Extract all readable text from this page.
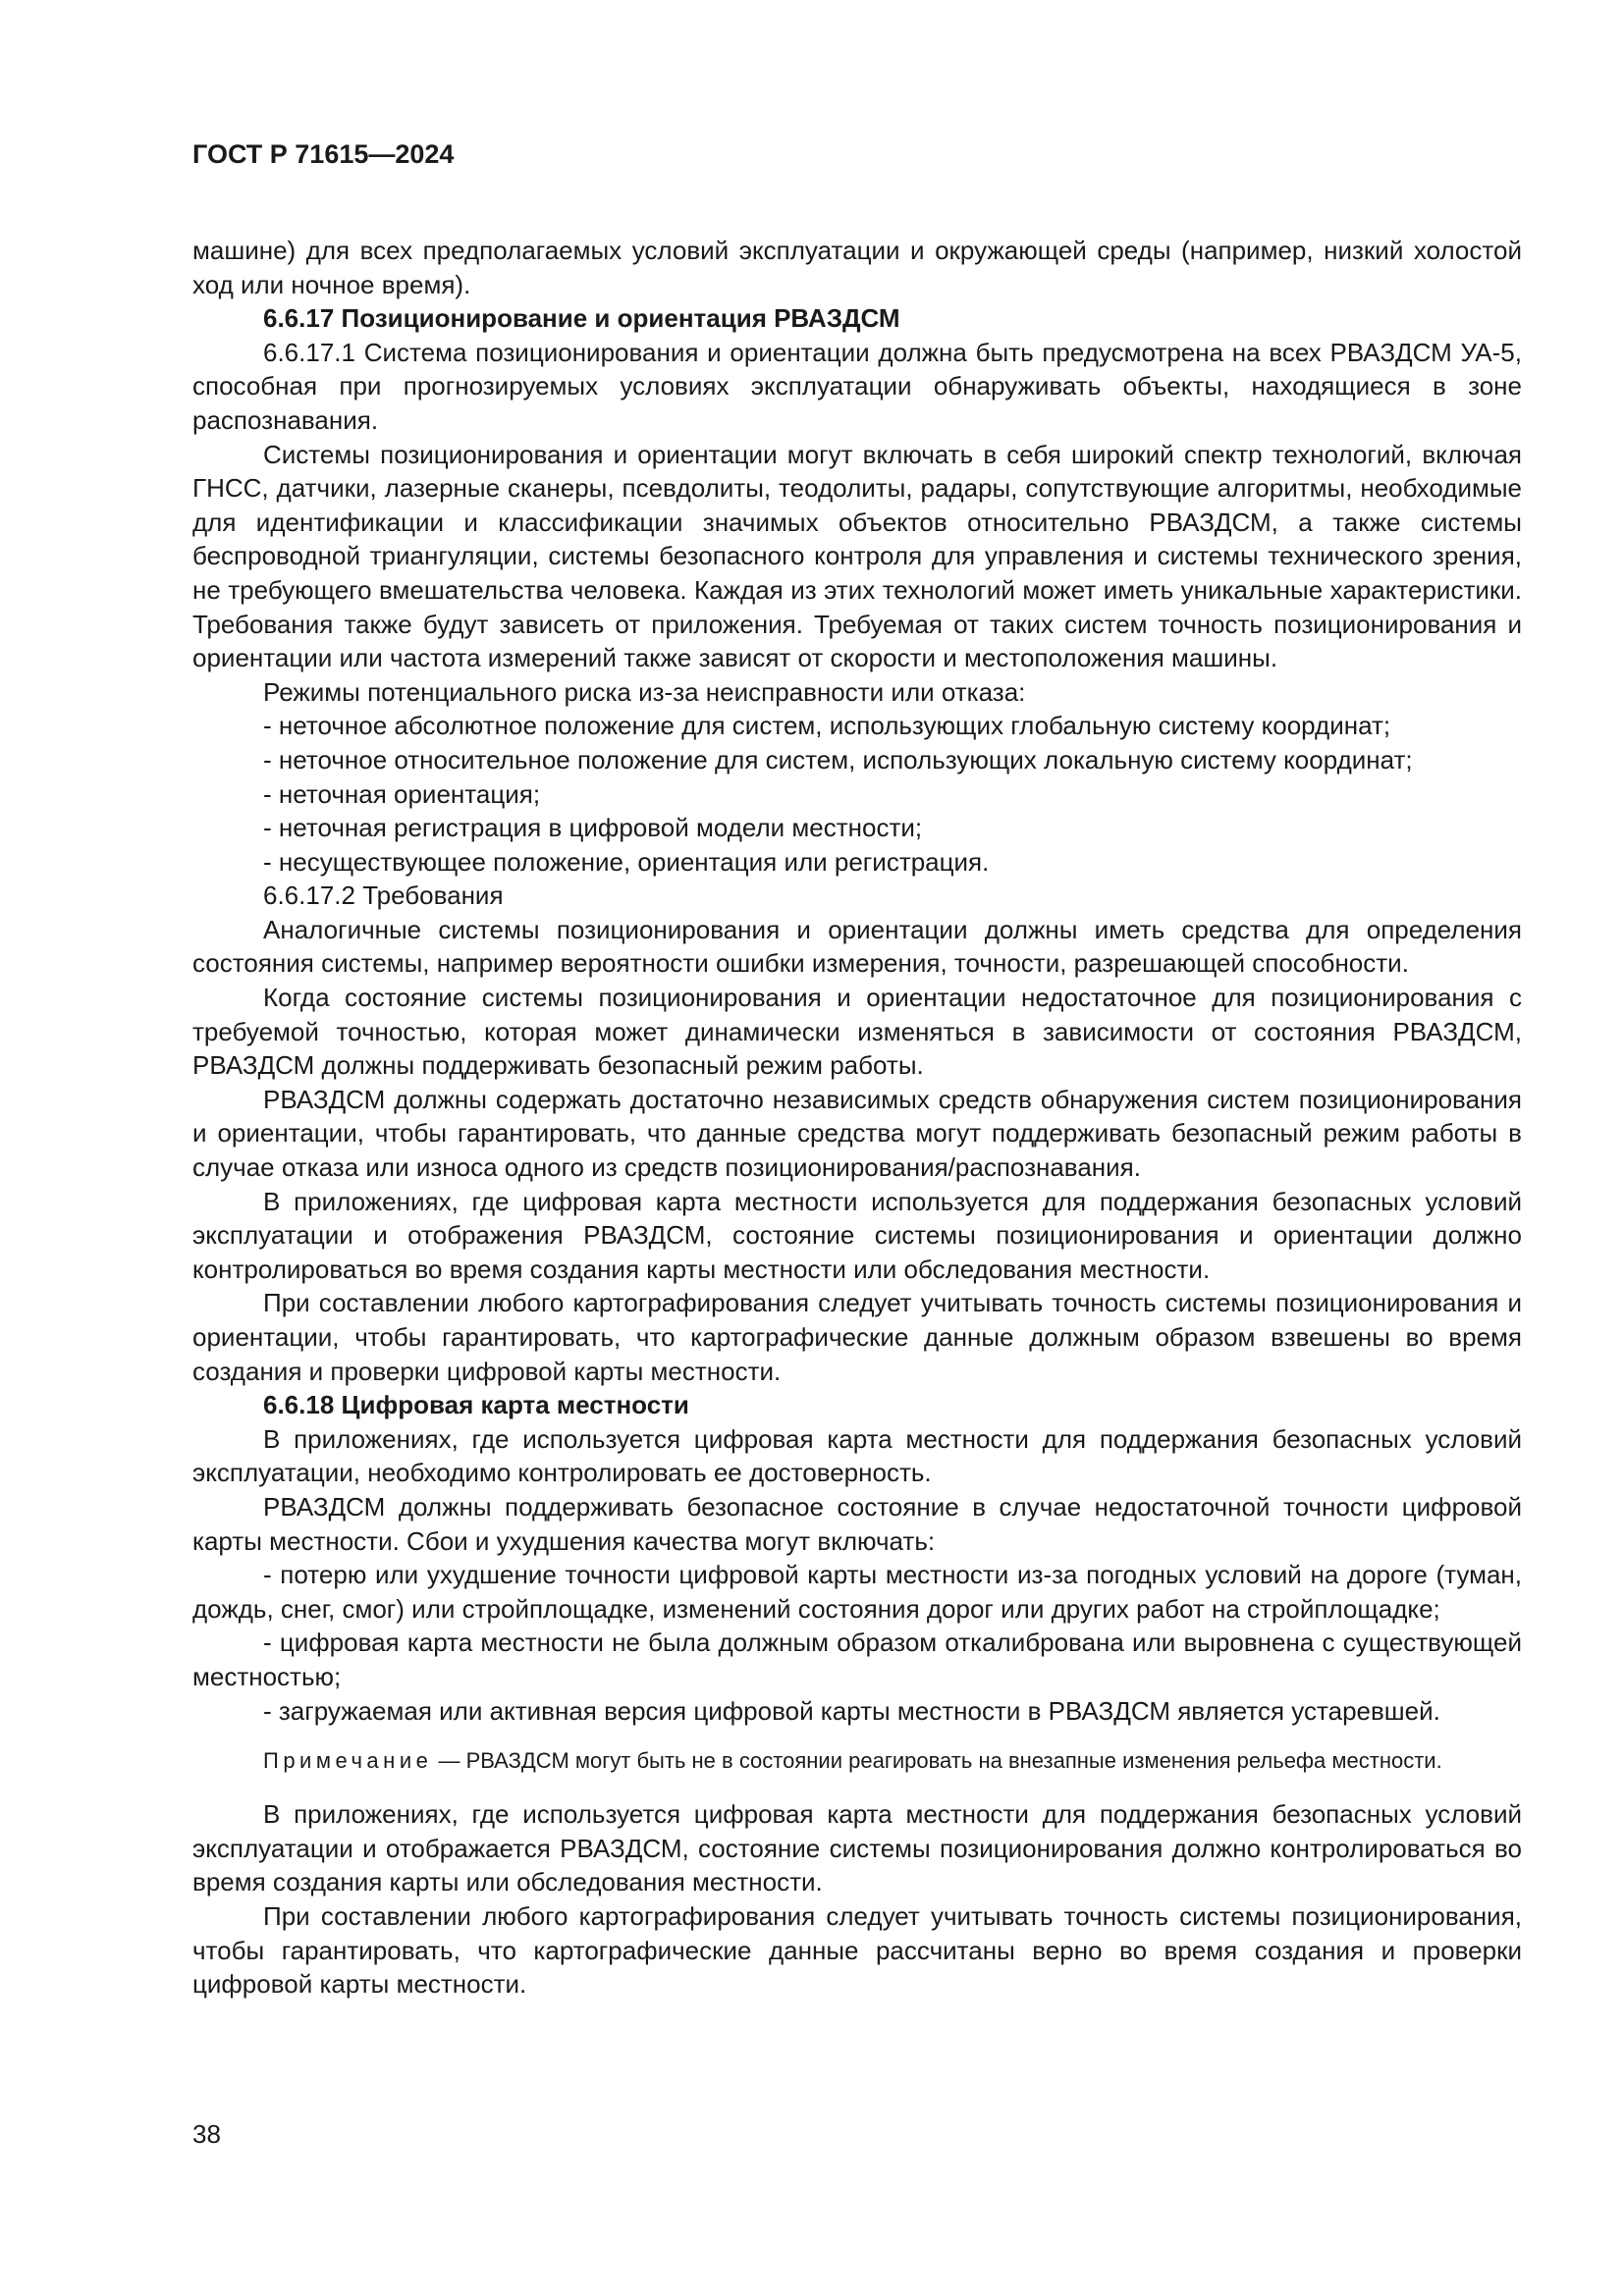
ГОСТ Р 71615—2024

машине) для всех предполагаемых условий эксплуатации и окружающей среды (например, низкий холостой ход или ночное время).

6.6.17 Позиционирование и ориентация РВАЗДСМ

6.6.17.1 Система позиционирования и ориентации должна быть предусмотрена на всех РВАЗДСМ УА-5, способная при прогнозируемых условиях эксплуатации обнаруживать объекты, находящиеся в зоне распознавания.

Системы позиционирования и ориентации могут включать в себя широкий спектр технологий, включая ГНСС, датчики, лазерные сканеры, псевдолиты, теодолиты, радары, сопутствующие алгоритмы, необходимые для идентификации и классификации значимых объектов относительно РВАЗДСМ, а также системы беспроводной триангуляции, системы безопасного контроля для управления и системы технического зрения, не требующего вмешательства человека. Каждая из этих технологий может иметь уникальные характеристики. Требования также будут зависеть от приложения. Требуемая от таких систем точность позиционирования и ориентации или частота измерений также зависят от скорости и местоположения машины.

Режимы потенциального риска из-за неисправности или отказа:

- неточное абсолютное положение для систем, использующих глобальную систему координат;

- неточное относительное положение для систем, использующих локальную систему координат;

- неточная ориентация;

- неточная регистрация в цифровой модели местности;

- несуществующее положение, ориентация или регистрация.

6.6.17.2 Требования

Аналогичные системы позиционирования и ориентации должны иметь средства для определения состояния системы, например вероятности ошибки измерения, точности, разрешающей способности.

Когда состояние системы позиционирования и ориентации недостаточное для позиционирования с требуемой точностью, которая может динамически изменяться в зависимости от состояния РВАЗДСМ, РВАЗДСМ должны поддерживать безопасный режим работы.

РВАЗДСМ должны содержать достаточно независимых средств обнаружения систем позиционирования и ориентации, чтобы гарантировать, что данные средства могут поддерживать безопасный режим работы в случае отказа или износа одного из средств позиционирования/распознавания.

В приложениях, где цифровая карта местности используется для поддержания безопасных условий эксплуатации и отображения РВАЗДСМ, состояние системы позиционирования и ориентации должно контролироваться во время создания карты местности или обследования местности.

При составлении любого картографирования следует учитывать точность системы позиционирования и ориентации, чтобы гарантировать, что картографические данные должным образом взвешены во время создания и проверки цифровой карты местности.

6.6.18 Цифровая карта местности

В приложениях, где используется цифровая карта местности для поддержания безопасных условий эксплуатации, необходимо контролировать ее достоверность.

РВАЗДСМ должны поддерживать безопасное состояние в случае недостаточной точности цифровой карты местности. Сбои и ухудшения качества могут включать:

- потерю или ухудшение точности цифровой карты местности из-за погодных условий на дороге (туман, дождь, снег, смог) или стройплощадке, изменений состояния дорог или других работ на стройплощадке;

- цифровая карта местности не была должным образом откалибрована или выровнена с существующей местностью;

- загружаемая или активная версия цифровой карты местности в РВАЗДСМ является устаревшей.

Примечание — РВАЗДСМ могут быть не в состоянии реагировать на внезапные изменения рельефа местности.

В приложениях, где используется цифровая карта местности для поддержания безопасных условий эксплуатации и отображается РВАЗДСМ, состояние системы позиционирования должно контролироваться во время создания карты или обследования местности.

При составлении любого картографирования следует учитывать точность системы позиционирования, чтобы гарантировать, что картографические данные рассчитаны верно во время создания и проверки цифровой карты местности.

38
